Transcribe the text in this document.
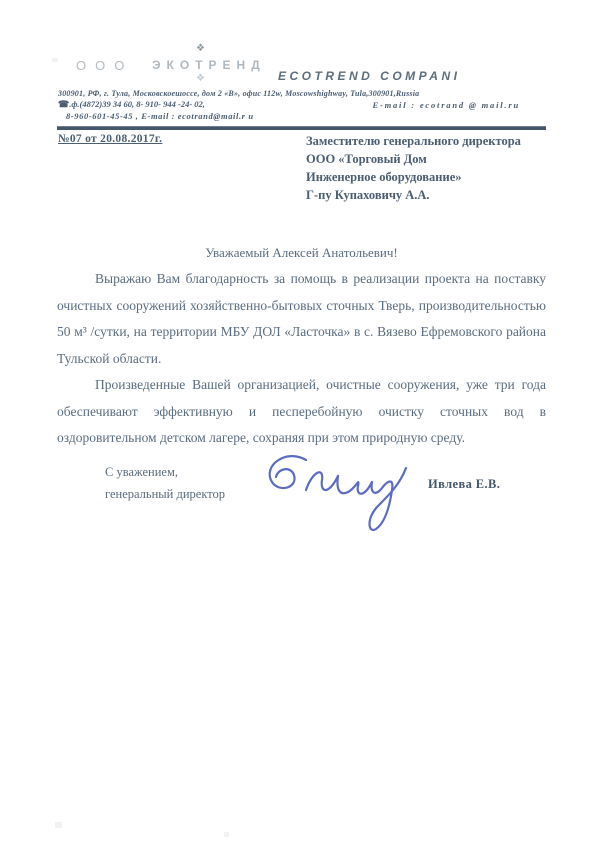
ООО ЭКОТРЕНД
❖
❖	ECOTREND COMPANI
300901, РФ, г. Тула, Московскоешоссе, дом 2 «В», офис 112w, Moscowshighway, Tula,300901,Russia
☎.ф.(4872)39 34 60, 8- 910- 944 -24- 02,	E-mail : ecotrand @ mail.ru
8-960-601-45-45 , E-mail : ecotrand@mail.r u
№07 от 20.08.2017г.	Заместителю генерального директора
ООО «Торговый Дом
Инженерное оборудование»
Г-пу Купаховичу А.А.
Уважаемый Алексей Анатольевич!

Выражаю Вам благодарность за помощь в реализации проекта на поставку очистных сооружений хозяйственно-бытовых сточных Тверь, производительностью 50 м³ /сутки, на территории МБУ ДОЛ «Ласточка» в с. Вязево Ефремовского района Тульской области.

Произведенные Вашей организацией, очистные сооружения, уже три года обеспечивают эффективную и песперебойную очистку сточных вод в оздоровительном детском лагере, сохраняя при этом природную среду.

С уважением,
генеральный директор
Ивлева Е.В.
